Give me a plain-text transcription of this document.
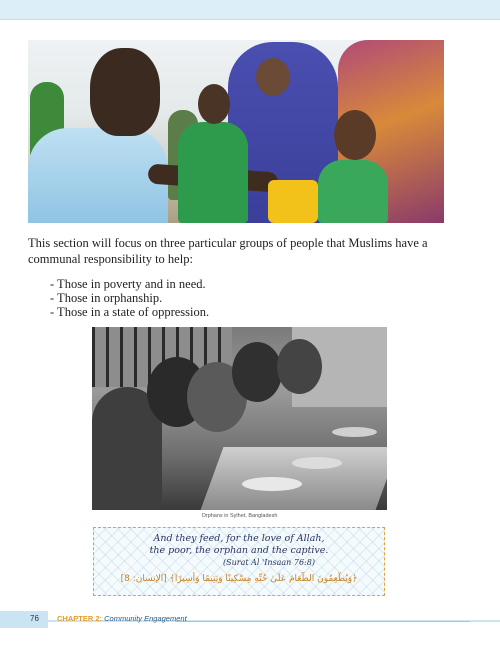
This section will focus on three particular groups of people that Muslims have a communal responsibility to help:

- Those in poverty and in need.
- Those in orphanship.
- Those in a state of oppression.
Orphans in Sylhet, Bangladesh
And they feed, for the love of Allah,
the poor, the orphan and the captive.
(Surat Al 'Insaan 76:8)
﴿وَيُطْعِمُونَ الطَّعَامَ عَلَىٰ حُبِّهِ مِسْكِينًا وَيَتِيمًا وَأَسِيرًا﴾ [الإنسان: 8]
76 CHAPTER 2: Community Engagement
